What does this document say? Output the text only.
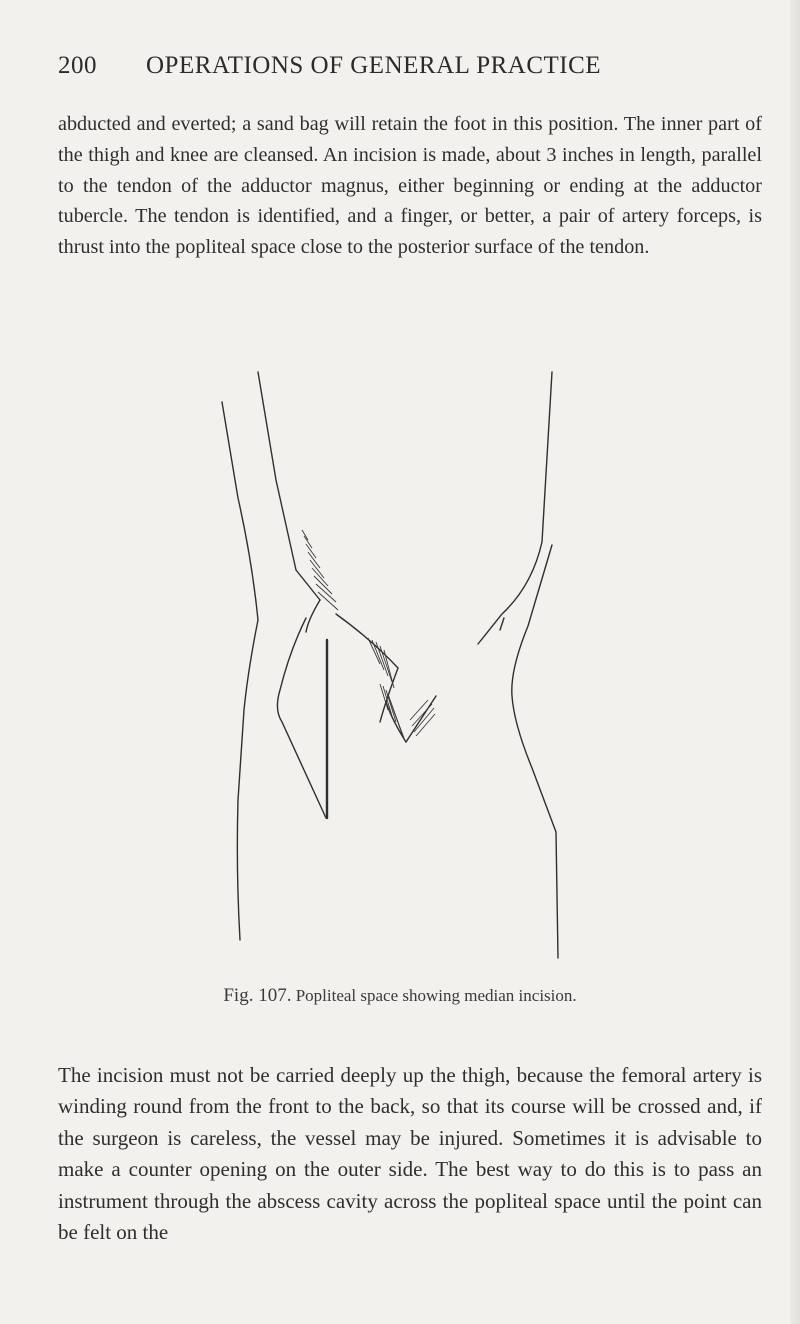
200 OPERATIONS OF GENERAL PRACTICE

abducted and everted; a sand bag will retain the foot in this position. The inner part of the thigh and knee are cleansed. An incision is made, about 3 inches in length, parallel to the tendon of the adductor magnus, either beginning or ending at the adductor tubercle. The tendon is identified, and a finger, or better, a pair of artery forceps, is thrust into the popliteal space close to the posterior surface of the tendon.

Fig. 107. Popliteal space showing median incision.

The incision must not be carried deeply up the thigh, because the femoral artery is winding round from the front to the back, so that its course will be crossed and, if the surgeon is careless, the vessel may be injured. Sometimes it is advisable to make a counter opening on the outer side. The best way to do this is to pass an instrument through the abscess cavity across the popliteal space until the point can be felt on the
